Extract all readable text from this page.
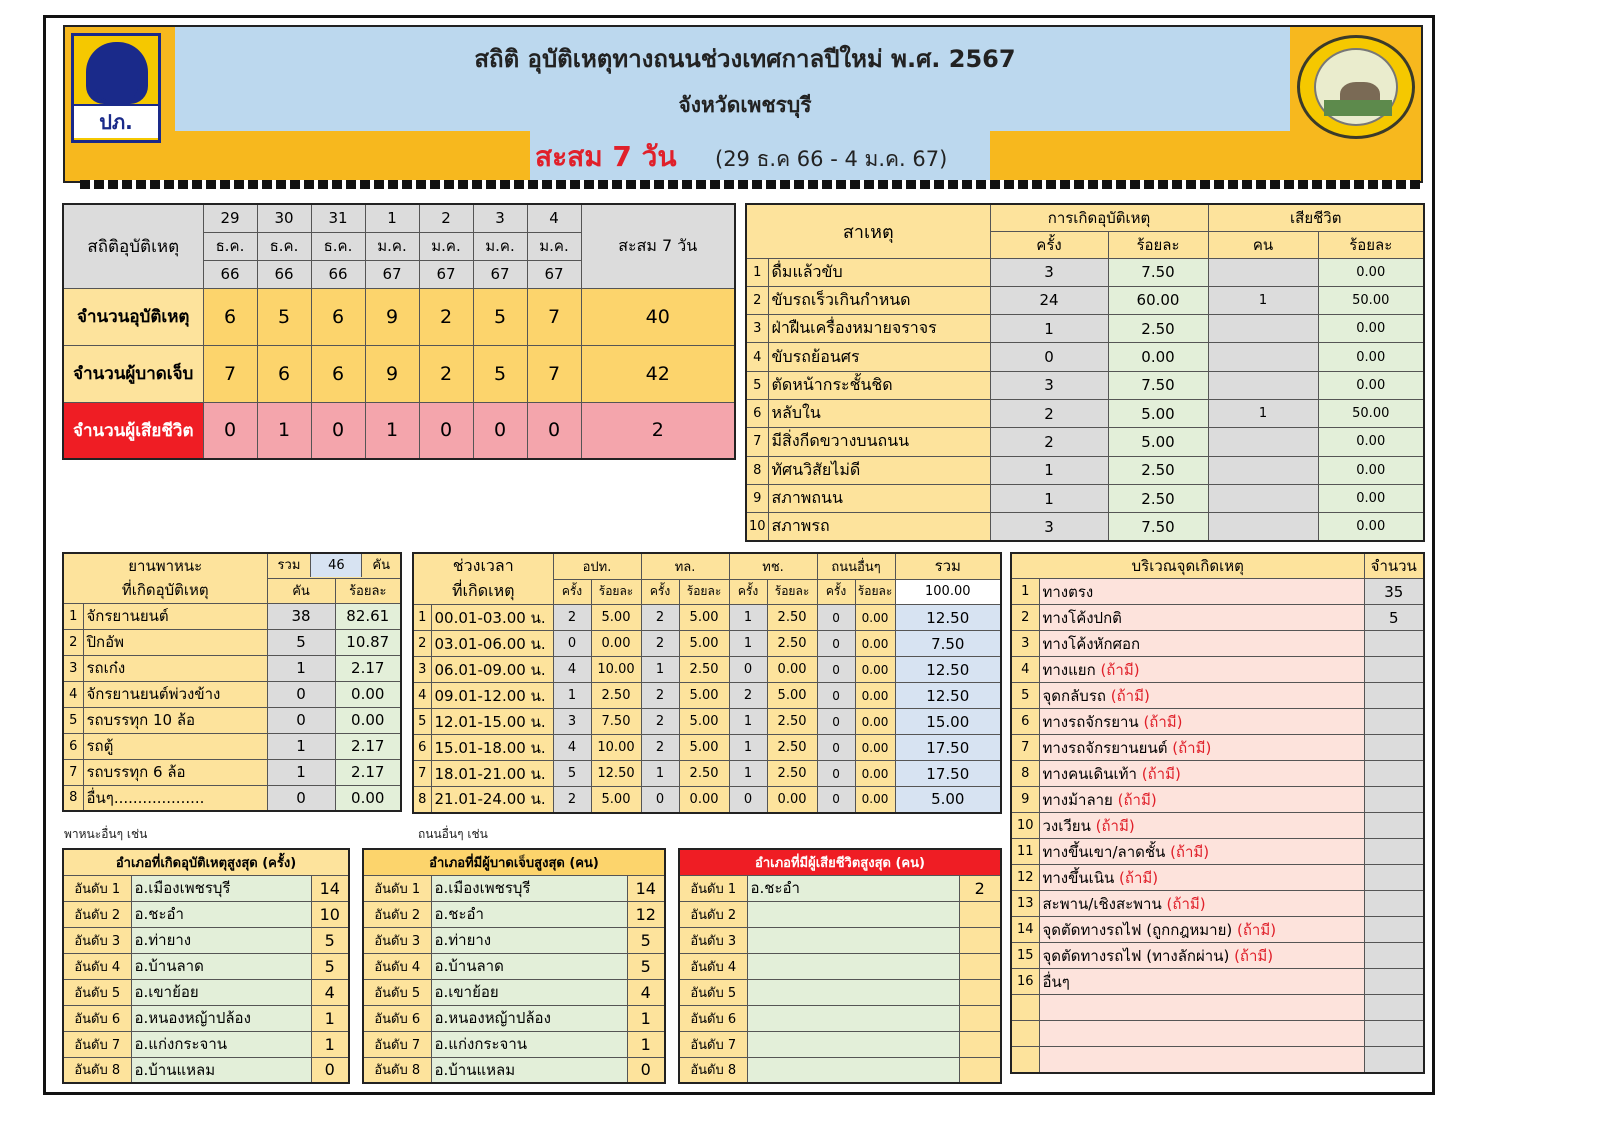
ปภ.
สถิติ อุบัติเหตุทางถนนช่วงเทศกาลปีใหม่ พ.ศ. 2567
จังหวัดเพชรบุรี
สะสม 7 วัน (29 ธ.ค 66 - 4 ม.ค. 67)
สถิติอุบัติเหตุ	29	30	31	1	2	3	4	สะสม 7 วัน
	ธ.ค.	ธ.ค.	ธ.ค.	ม.ค.	ม.ค.	ม.ค.	ม.ค.	
	66	66	66	67	67	67	67	
จำนวนอุบัติเหตุ	6	5	6	9	2	5	7	40
จำนวนผู้บาดเจ็บ	7	6	6	9	2	5	7	42
จำนวนผู้เสียชีวิต	0	1	0	1	0	0	0	2
สาเหตุ		การเกิดอุบัติเหตุ		เสียชีวิต	
		ครั้ง	ร้อยละ	คน	ร้อยละ
1	ดื่มแล้วขับ	3	7.50		0.00
2	ขับรถเร็วเกินกำหนด	24	60.00	1	50.00
3	ฝ่าฝืนเครื่องหมายจราจร	1	2.50		0.00
4	ขับรถย้อนศร	0	0.00		0.00
5	ตัดหน้ากระชั้นชิด	3	7.50		0.00
6	หลับใน	2	5.00	1	50.00
7	มีสิ่งกีดขวางบนถนน	2	5.00		0.00
8	ทัศนวิสัยไม่ดี	1	2.50		0.00
9	สภาพถนน	1	2.50		0.00
10	สภาพรถ	3	7.50		0.00
ยานพาหนะ		รวม 46 คัน	
ที่เกิดอุบัติเหตุ		คัน	ร้อยละ
1	จักรยานยนต์	38	82.61
2	ปิกอัพ	5	10.87
3	รถเก๋ง	1	2.17
4	จักรยานยนต์พ่วงข้าง	0	0.00
5	รถบรรทุก 10 ล้อ	0	0.00
6	รถตู้	1	2.17
7	รถบรรทุก 6 ล้อ	1	2.17
8	อื่นๆ...................	0	0.00
พาหนะอื่นๆ เช่น
ช่วงเวลา		อปท.		ทล.		ทช.		ถนนอื่นๆ		รวม
ที่เกิดเหตุ		ครั้ง	ร้อยละ	ครั้ง	ร้อยละ	ครั้ง	ร้อยละ	ครั้ง	ร้อยละ	100.00
1	00.01-03.00 น.	2	5.00	2	5.00	1	2.50	0	0.00	12.50
2	03.01-06.00 น.	0	0.00	2	5.00	1	2.50	0	0.00	7.50
3	06.01-09.00 น.	4	10.00	1	2.50	0	0.00	0	0.00	12.50
4	09.01-12.00 น.	1	2.50	2	5.00	2	5.00	0	0.00	12.50
5	12.01-15.00 น.	3	7.50	2	5.00	1	2.50	0	0.00	15.00
6	15.01-18.00 น.	4	10.00	2	5.00	1	2.50	0	0.00	17.50
7	18.01-21.00 น.	5	12.50	1	2.50	1	2.50	0	0.00	17.50
8	21.01-24.00 น.	2	5.00	0	0.00	0	0.00	0	0.00	5.00
ถนนอื่นๆ เช่น
บริเวณจุดเกิดเหตุ		จำนวน
1	ทางตรง	35
2	ทางโค้งปกติ	5
3	ทางโค้งหักศอก	
4	ทางแยก (ถ้ามี)	
5	จุดกลับรถ (ถ้ามี)	
6	ทางรถจักรยาน (ถ้ามี)	
7	ทางรถจักรยานยนต์ (ถ้ามี)	
8	ทางคนเดินเท้า (ถ้ามี)	
9	ทางม้าลาย (ถ้ามี)	
10	วงเวียน (ถ้ามี)	
11	ทางขึ้นเขา/ลาดชั้น (ถ้ามี)	
12	ทางขึ้นเนิน (ถ้ามี)	
13	สะพาน/เชิงสะพาน (ถ้ามี)	
14	จุดตัดทางรถไฟ (ถูกกฎหมาย) (ถ้ามี)	
15	จุดตัดทางรถไฟ (ทางลักผ่าน) (ถ้ามี)	
16	อื่นๆ	

อำเภอที่เกิดอุบัติเหตุสูงสุด (ครั้ง)		
อันดับ 1	อ.เมืองเพชรบุรี	14
อันดับ 2	อ.ชะอำ	10
อันดับ 3	อ.ท่ายาง	5
อันดับ 4	อ.บ้านลาด	5
อันดับ 5	อ.เขาย้อย	4
อันดับ 6	อ.หนองหญ้าปล้อง	1
อันดับ 7	อ.แก่งกระจาน	1
อันดับ 8	อ.บ้านแหลม	0
อำเภอที่มีผู้บาดเจ็บสูงสุด (คน)		
อันดับ 1	อ.เมืองเพชรบุรี	14
อันดับ 2	อ.ชะอำ	12
อันดับ 3	อ.ท่ายาง	5
อันดับ 4	อ.บ้านลาด	5
อันดับ 5	อ.เขาย้อย	4
อันดับ 6	อ.หนองหญ้าปล้อง	1
อันดับ 7	อ.แก่งกระจาน	1
อันดับ 8	อ.บ้านแหลม	0
อำเภอที่มีผู้เสียชีวิตสูงสุด (คน)		
อันดับ 1	อ.ชะอำ	2
อันดับ 2		
อันดับ 3		
อันดับ 4		
อันดับ 5		
อันดับ 6		
อันดับ 7		
อันดับ 8		
